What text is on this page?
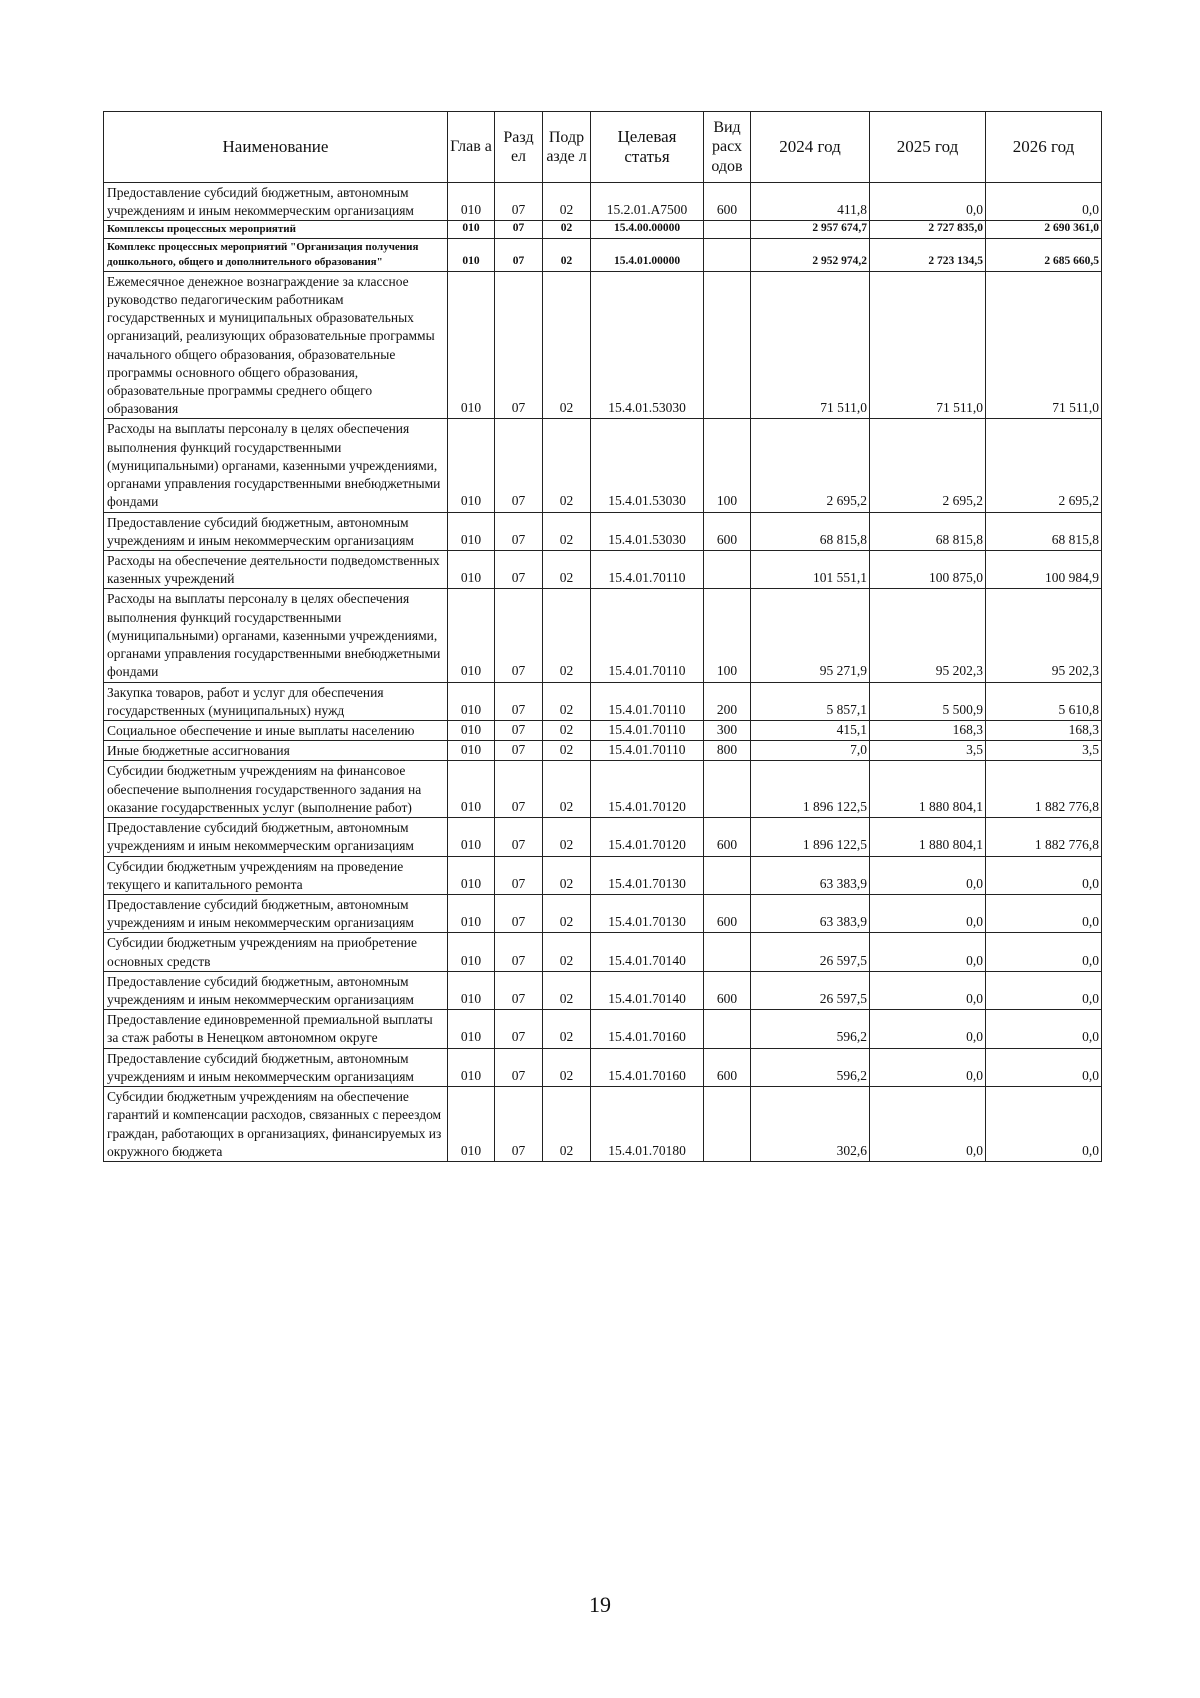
Наименование	Глав а	Разд ел	Подр азде л	Целевая статья	Вид расх одов	2024 год	2025 год	2026 год
Предоставление субсидий бюджетным, автономным учреждениям и иным некоммерческим организациям	010	07	02	15.2.01.А7500	600	411,8	0,0	0,0
Комплексы процессных мероприятий	010	07	02	15.4.00.00000		2 957 674,7	2 727 835,0	2 690 361,0
Комплекс процессных мероприятий "Организация получения дошкольного, общего и дополнительного образования"	010	07	02	15.4.01.00000		2 952 974,2	2 723 134,5	2 685 660,5
Ежемесячное денежное вознаграждение за классное руководство педагогическим работникам государственных и муниципальных образовательных организаций, реализующих образовательные программы начального общего образования, образовательные программы основного общего образования, образовательные программы среднего общего образования	010	07	02	15.4.01.53030		71 511,0	71 511,0	71 511,0
Расходы на выплаты персоналу в целях обеспечения выполнения функций государственными (муниципальными) органами, казенными учреждениями, органами управления государственными внебюджетными фондами	010	07	02	15.4.01.53030	100	2 695,2	2 695,2	2 695,2
Предоставление субсидий бюджетным, автономным учреждениям и иным некоммерческим организациям	010	07	02	15.4.01.53030	600	68 815,8	68 815,8	68 815,8
Расходы на обеспечение деятельности подведомственных казенных учреждений	010	07	02	15.4.01.70110		101 551,1	100 875,0	100 984,9
Расходы на выплаты персоналу в целях обеспечения выполнения функций государственными (муниципальными) органами, казенными учреждениями, органами управления государственными внебюджетными фондами	010	07	02	15.4.01.70110	100	95 271,9	95 202,3	95 202,3
Закупка товаров, работ и услуг для обеспечения государственных (муниципальных) нужд	010	07	02	15.4.01.70110	200	5 857,1	5 500,9	5 610,8
Социальное обеспечение и иные выплаты населению	010	07	02	15.4.01.70110	300	415,1	168,3	168,3
Иные бюджетные ассигнования	010	07	02	15.4.01.70110	800	7,0	3,5	3,5
Субсидии бюджетным учреждениям на финансовое обеспечение выполнения государственного задания на оказание государственных услуг (выполнение работ)	010	07	02	15.4.01.70120		1 896 122,5	1 880 804,1	1 882 776,8
Предоставление субсидий бюджетным, автономным учреждениям и иным некоммерческим организациям	010	07	02	15.4.01.70120	600	1 896 122,5	1 880 804,1	1 882 776,8
Субсидии бюджетным учреждениям на проведение текущего и капитального ремонта	010	07	02	15.4.01.70130		63 383,9	0,0	0,0
Предоставление субсидий бюджетным, автономным учреждениям и иным некоммерческим организациям	010	07	02	15.4.01.70130	600	63 383,9	0,0	0,0
Субсидии бюджетным учреждениям на приобретение основных средств	010	07	02	15.4.01.70140		26 597,5	0,0	0,0
Предоставление субсидий бюджетным, автономным учреждениям и иным некоммерческим организациям	010	07	02	15.4.01.70140	600	26 597,5	0,0	0,0
Предоставление единовременной премиальной выплаты за стаж работы в Ненецком автономном округе	010	07	02	15.4.01.70160		596,2	0,0	0,0
Предоставление субсидий бюджетным, автономным учреждениям и иным некоммерческим организациям	010	07	02	15.4.01.70160	600	596,2	0,0	0,0
Субсидии бюджетным учреждениям на обеспечение гарантий и компенсации расходов, связанных с переездом граждан, работающих в организациях, финансируемых из окружного бюджета	010	07	02	15.4.01.70180		302,6	0,0	0,0
19
